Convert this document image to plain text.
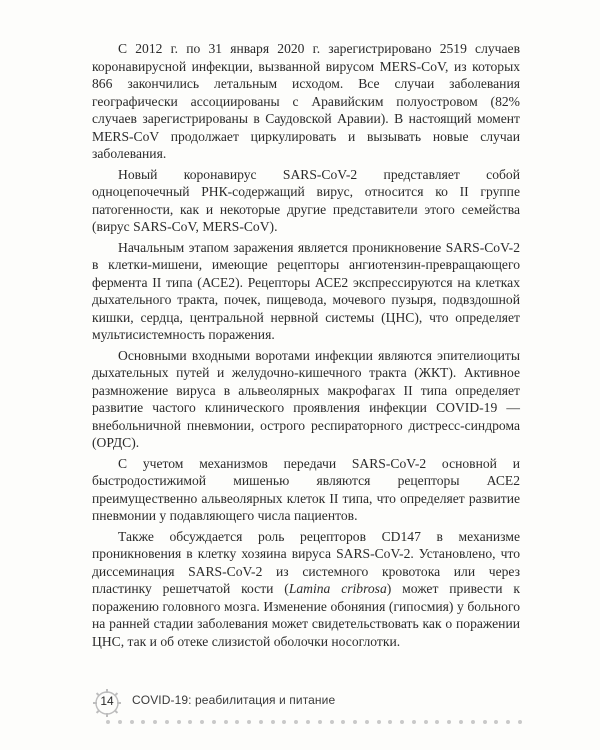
С 2012 г. по 31 января 2020 г. зарегистрировано 2519 случаев коронавирусной инфекции, вызванной вирусом MERS-CoV, из которых 866 закончились летальным исходом. Все случаи заболевания географически ассоциированы с Аравийским полуостровом (82% случаев зарегистрированы в Саудовской Аравии). В настоящий момент MERS-CoV продолжает циркулировать и вызывать новые случаи заболевания.

Новый коронавирус SARS-CoV-2 представляет собой одноцепочечный РНК-содержащий вирус, относится ко II группе патогенности, как и некоторые другие представители этого семейства (вирус SARS-CoV, MERS-CoV).

Начальным этапом заражения является проникновение SARS-CoV-2 в клетки-мишени, имеющие рецепторы ангиотензин-превращающего фермента II типа (АСЕ2). Рецепторы АСЕ2 экспрессируются на клетках дыхательного тракта, почек, пищевода, мочевого пузыря, подвздошной кишки, сердца, центральной нервной системы (ЦНС), что определяет мультисистемность поражения.

Основными входными воротами инфекции являются эпителиоциты дыхательных путей и желудочно-кишечного тракта (ЖКТ). Активное размножение вируса в альвеолярных макрофагах II типа определяет развитие частого клинического проявления инфекции COVID-19 — внебольничной пневмонии, острого респираторного дистресс-синдрома (ОРДС).

С учетом механизмов передачи SARS-CoV-2 основной и быстродостижимой мишенью являются рецепторы АСЕ2 преимущественно альвеолярных клеток II типа, что определяет развитие пневмонии у подавляющего числа пациентов.

Также обсуждается роль рецепторов CD147 в механизме проникновения в клетку хозяина вируса SARS-CoV-2. Установлено, что диссеминация SARS-CoV-2 из системного кровотока или через пластинку решетчатой кости (Lamina cribrosa) может привести к поражению головного мозга. Изменение обоняния (гипосмия) у больного на ранней стадии заболевания может свидетельствовать как о поражении ЦНС, так и об отеке слизистой оболочки носоглотки.

14	COVID-19: реабилитация и питание
